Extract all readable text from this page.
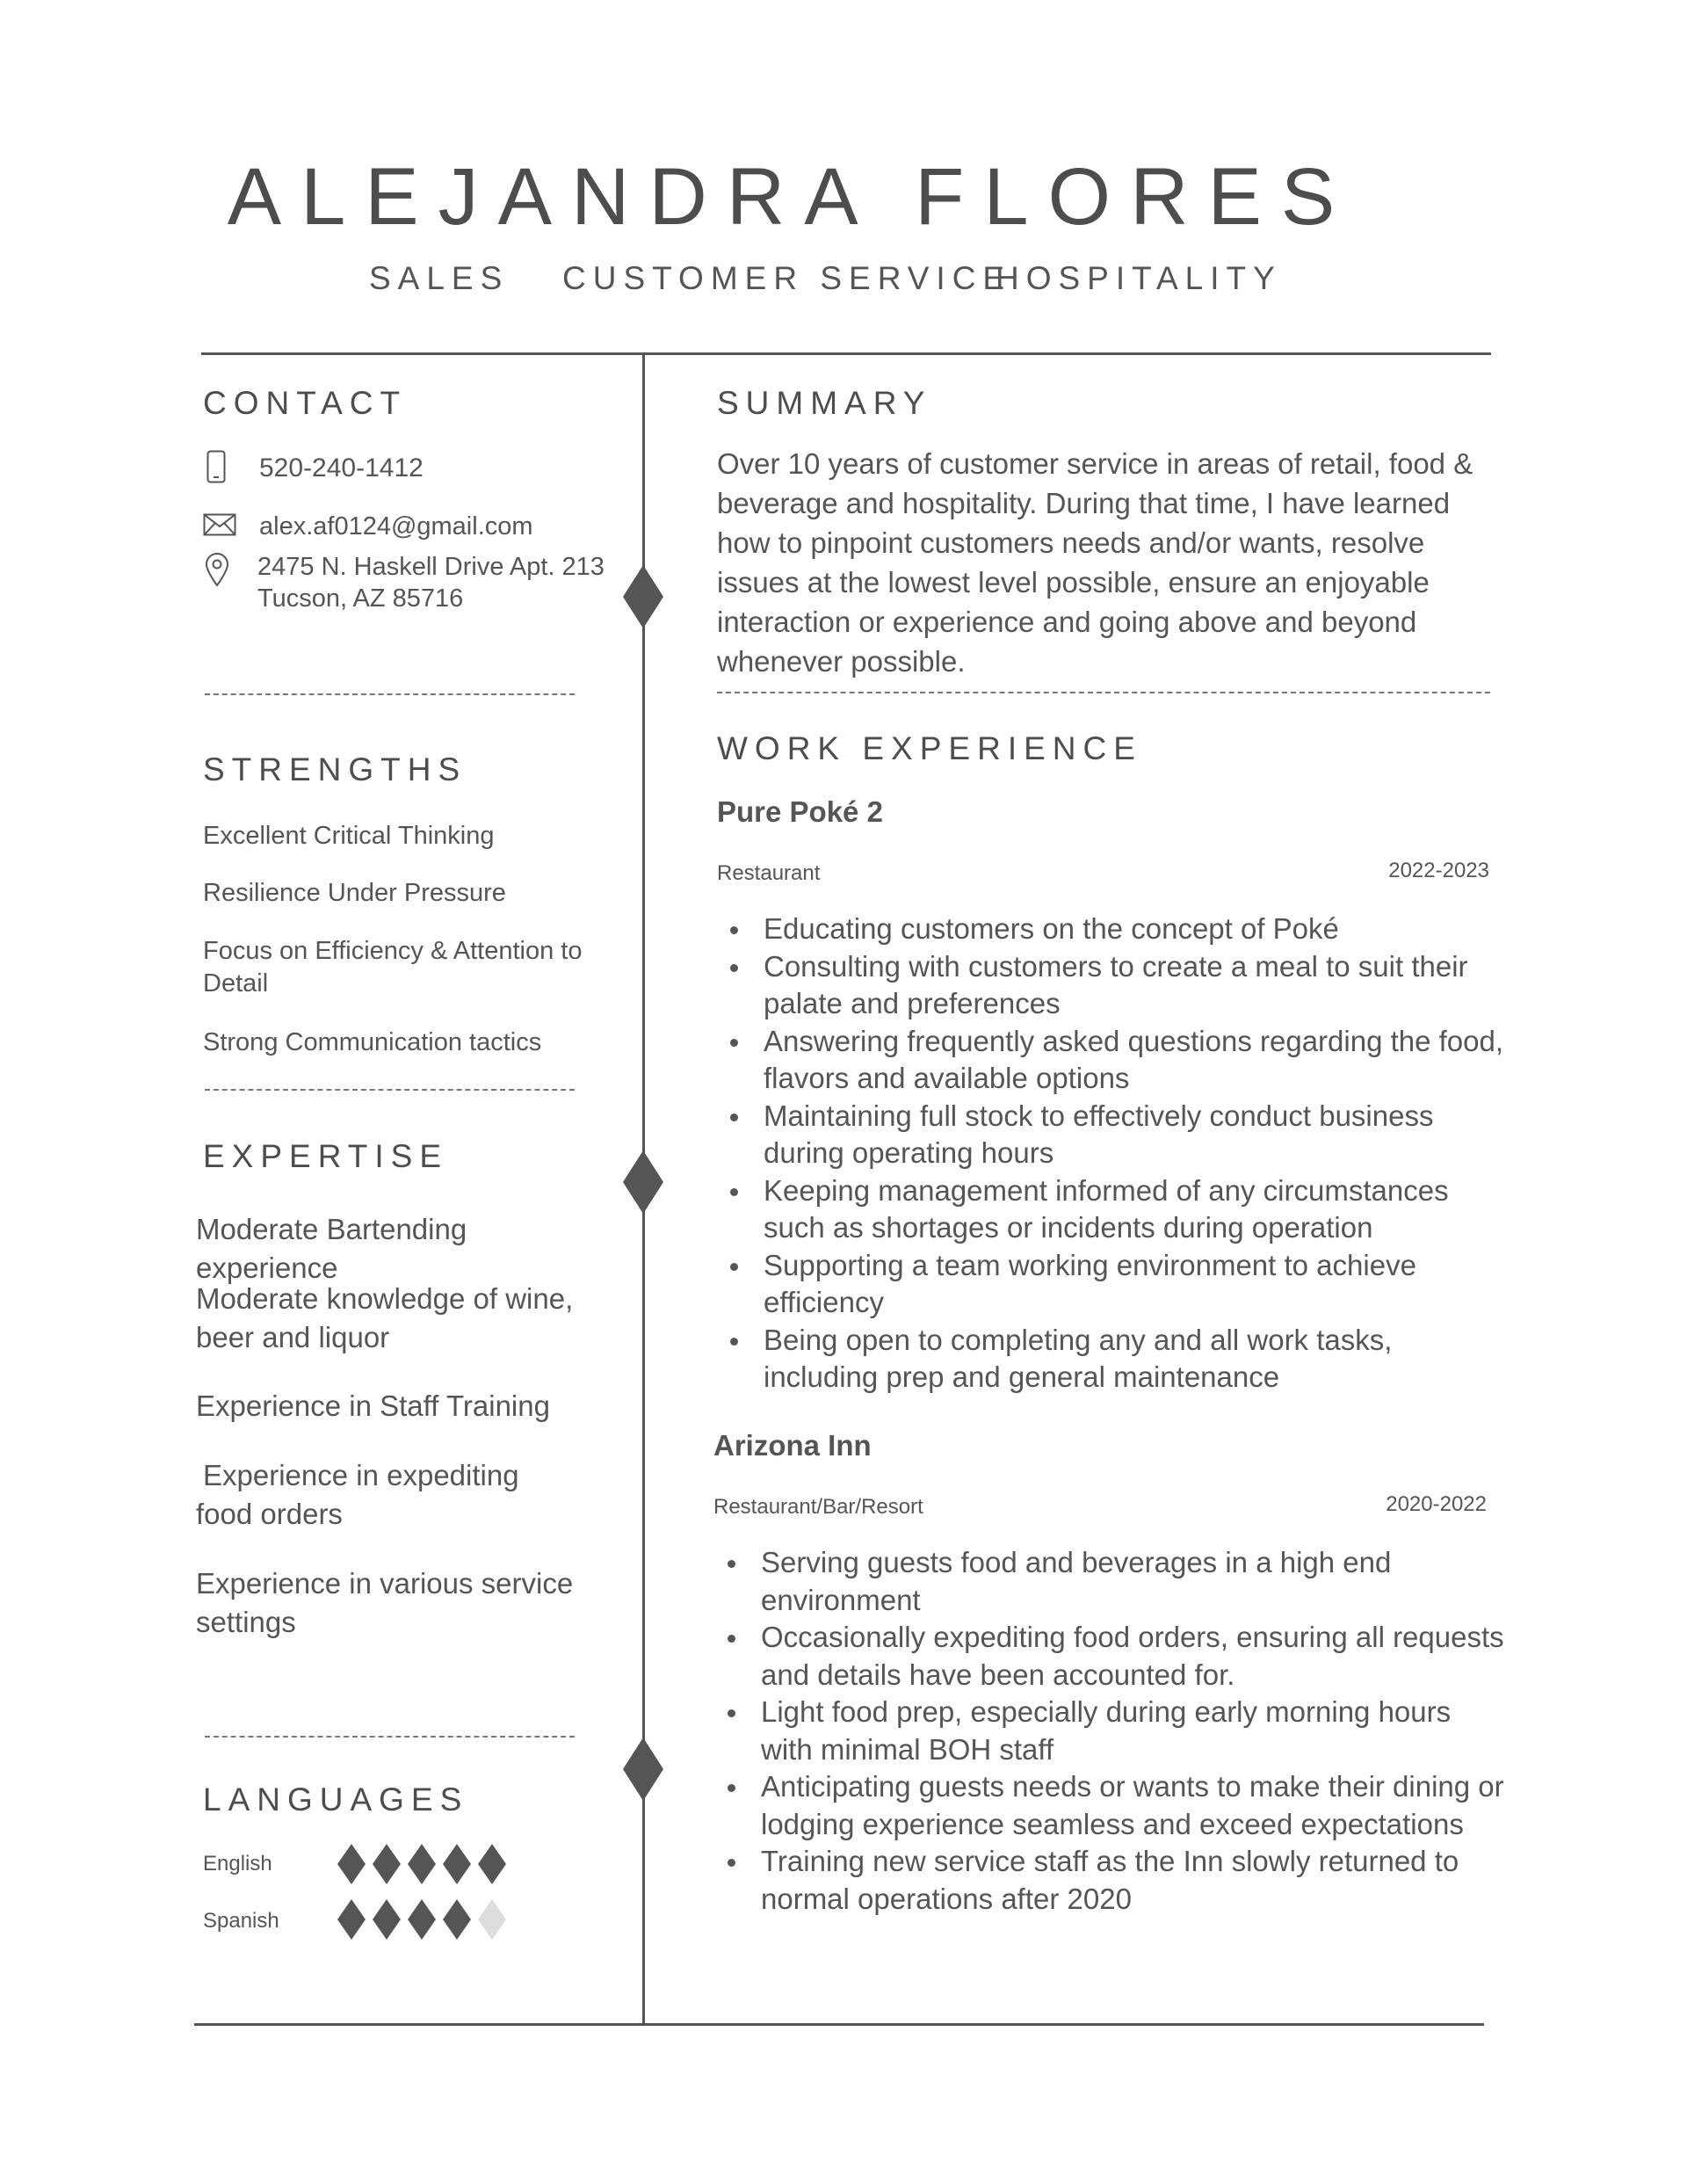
ALEJANDRA FLORES
SALES CUSTOMER SERVICE
HOSPITALITY
CONTACT
520-240-1412
alex.af0124@gmail.com
2475 N. Haskell Drive Apt. 213
Tucson, AZ 85716
STRENGTHS
Excellent Critical Thinking
Resilience Under Pressure
Focus on Efficiency & Attention to Detail
Strong Communication tactics
EXPERTISE
Moderate Bartending experience
Moderate knowledge of wine, beer and liquor
Experience in Staff Training
Experience in expediting food orders
Experience in various service settings
LANGUAGES
English
Spanish
SUMMARY
Over 10 years of customer service in areas of retail, food & beverage and hospitality. During that time, I have learned how to pinpoint customers needs and/or wants, resolve issues at the lowest level possible, ensure an enjoyable interaction or experience and going above and beyond whenever possible.
WORK EXPERIENCE
Pure Poké 2
Restaurant	2022-2023
Educating customers on the concept of Poké
Consulting with customers to create a meal to suit their palate and preferences
Answering frequently asked questions regarding the food, flavors and available options
Maintaining full stock to effectively conduct business during operating hours
Keeping management informed of any circumstances such as shortages or incidents during operation
Supporting a team working environment to achieve efficiency
Being open to completing any and all work tasks, including prep and general maintenance
Arizona Inn
Restaurant/Bar/Resort	2020-2022
Serving guests food and beverages in a high end environment
Occasionally expediting food orders, ensuring all requests and details have been accounted for.
Light food prep, especially during early morning hours with minimal BOH staff
Anticipating guests needs or wants to make their dining or lodging experience seamless and exceed expectations
Training new service staff as the Inn slowly returned to normal operations after 2020
